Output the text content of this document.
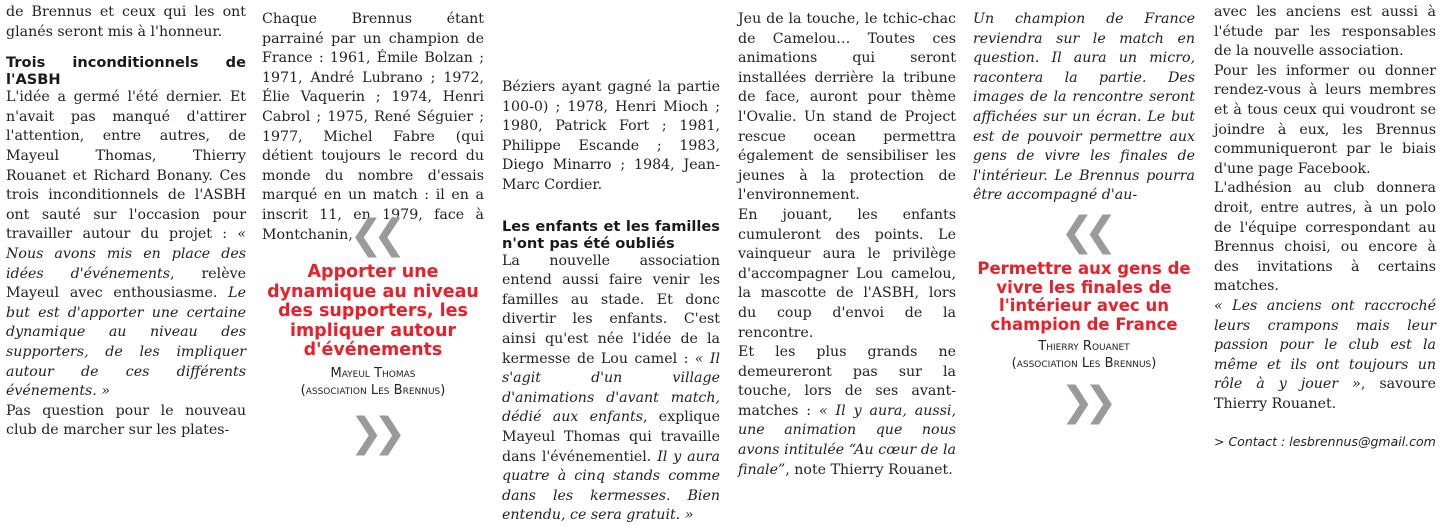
de Brennus et ceux qui les ont glanés seront mis à l'honneur.

Trois inconditionnels de l'ASBH

L'idée a germé l'été dernier. Et n'avait pas manqué d'attirer l'attention, entre autres, de Mayeul Thomas, Thierry Rouanet et Richard Bonany. Ces trois inconditionnels de l'ASBH ont sauté sur l'occasion pour travailler autour du projet : « Nous avons mis en place des idées d'événements, relève Mayeul avec enthousiasme. Le but est d'apporter une certaine dynamique au niveau des supporters, de les impliquer autour de ces différents événements. »

Pas question pour le nouveau club de marcher sur les plates-

Chaque Brennus étant parrainé par un champion de France : 1961, Émile Bolzan ; 1971, André Lubrano ; 1972, Élie Vaquerin ; 1974, Henri Cabrol ; 1975, René Séguier ; 1977, Michel Fabre (qui détient toujours le record du monde du nombre d'essais marqué en un match : il en a inscrit 11, en 1979, face à Montchanin,

❮❮
Apporter une dynamique au niveau des supporters, les impliquer autour d'événements
Mayeul Thomas
(association Les Brennus)
❯❯

Béziers ayant gagné la partie 100-0) ; 1978, Henri Mioch ; 1980, Patrick Fort ; 1981, Philippe Escande ; 1983, Diego Minarro ; 1984, Jean-Marc Cordier.

Les enfants et les familles n'ont pas été oubliés

La nouvelle association entend aussi faire venir les familles au stade. Et donc divertir les enfants. C'est ainsi qu'est née l'idée de la kermesse de Lou camel : « Il s'agit d'un village d'animations d'avant match, dédié aux enfants, explique Mayeul Thomas qui travaille dans l'événementiel. Il y aura quatre à cinq stands comme dans les kermesses. Bien entendu, ce sera gratuit. »

Jeu de la touche, le tchic-chac de Camelou… Toutes ces animations qui seront installées derrière la tribune de face, auront pour thème l'Ovalie. Un stand de Project rescue ocean permettra également de sensibiliser les jeunes à la protection de l'environnement.

En jouant, les enfants cumuleront des points. Le vainqueur aura le privilège d'accompagner Lou camelou, la mascotte de l'ASBH, lors du coup d'envoi de la rencontre.

Et les plus grands ne demeureront pas sur la touche, lors de ses avant-matches : « Il y aura, aussi, une animation que nous avons intitulée “Au cœur de la finale”, note Thierry Rouanet.

Un champion de France reviendra sur le match en question. Il aura un micro, racontera la partie. Des images de la rencontre seront affichées sur un écran. Le but est de pouvoir permettre aux gens de vivre les finales de l'intérieur. Le Brennus pourra être accompagné d'au-

❮❮
Permettre aux gens de vivre les finales de l'intérieur avec un champion de France
Thierry Rouanet
(association Les Brennus)
❯❯

avec les anciens est aussi à l'étude par les responsables de la nouvelle association.

Pour les informer ou donner rendez-vous à leurs membres et à tous ceux qui voudront se joindre à eux, les Brennus communiqueront par le biais d'une page Facebook.

L'adhésion au club donnera droit, entre autres, à un polo de l'équipe correspondant au Brennus choisi, ou encore à des invitations à certains matches.

« Les anciens ont raccroché leurs crampons mais leur passion pour le club est la même et ils ont toujours un rôle à y jouer », savoure Thierry Rouanet.

> Contact : lesbrennus@gmail.com
